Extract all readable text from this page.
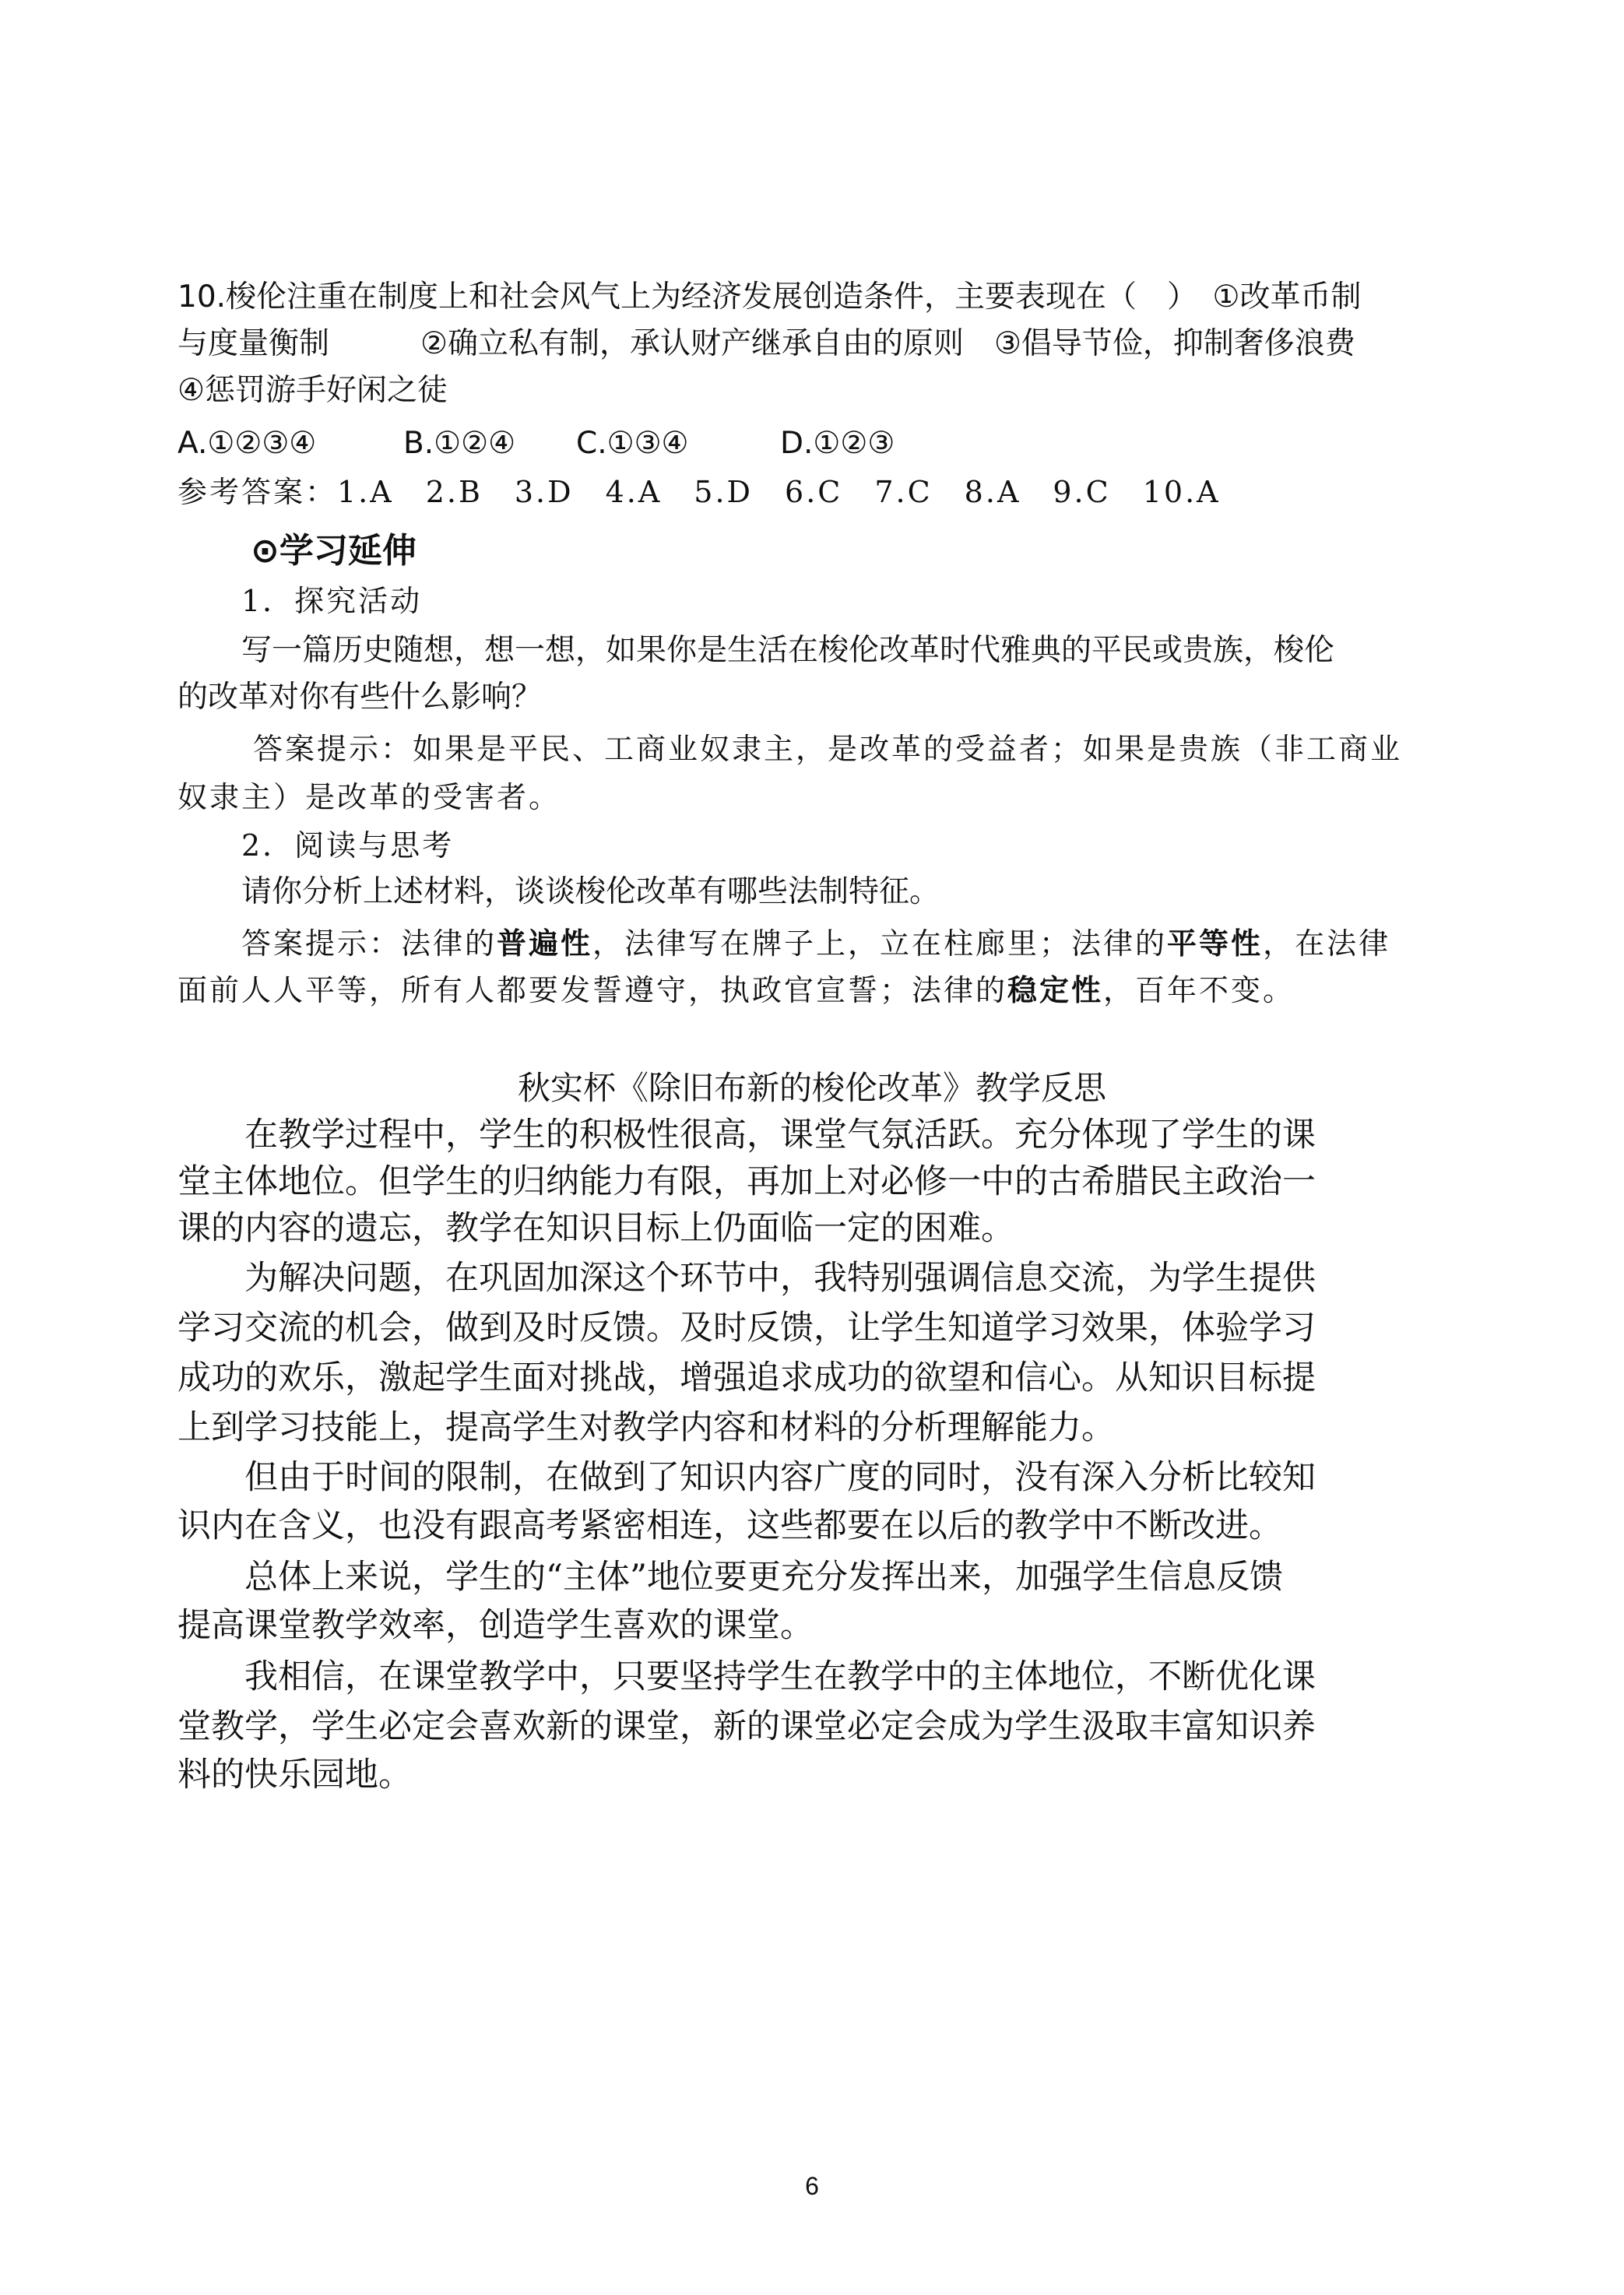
10.梭伦注重在制度上和社会风气上为经济发展创造条件，主要表现在（　）　①改革币制
与度量衡制　　　②确立私有制，承认财产继承自由的原则　③倡导节俭，抑制奢侈浪费
④惩罚游手好闲之徒
A.①②③④	B.①②④ C.①③④	D.①②③
参考答案：1.A　2.B　3.D　4.A　5.D　6.C　7.C　8.A　9.C　10.A
⊙学习延伸
1．探究活动
写一篇历史随想，想一想，如果你是生活在梭伦改革时代雅典的平民或贵族，梭伦
的改革对你有些什么影响？
答案提示：如果是平民、工商业奴隶主，是改革的受益者；如果是贵族（非工商业
奴隶主）是改革的受害者。
2．阅读与思考
请你分析上述材料，谈谈梭伦改革有哪些法制特征。
答案提示：法律的普遍性，法律写在牌子上，立在柱廊里；法律的平等性，在法律
面前人人平等，所有人都要发誓遵守，执政官宣誓；法律的稳定性，百年不变。
秋实杯《除旧布新的梭伦改革》教学反思
　　在教学过程中，学生的积极性很高，课堂气氛活跃。充分体现了学生的课
堂主体地位。但学生的归纳能力有限，再加上对必修一中的古希腊民主政治一
课的内容的遗忘，教学在知识目标上仍面临一定的困难。
　　为解决问题，在巩固加深这个环节中，我特别强调信息交流，为学生提供
学习交流的机会，做到及时反馈。及时反馈，让学生知道学习效果，体验学习
成功的欢乐，激起学生面对挑战，增强追求成功的欲望和信心。从知识目标提
上到学习技能上，提高学生对教学内容和材料的分析理解能力。
　　但由于时间的限制，在做到了知识内容广度的同时，没有深入分析比较知
识内在含义，也没有跟高考紧密相连，这些都要在以后的教学中不断改进。
　　总体上来说，学生的“主体”地位要更充分发挥出来，加强学生信息反馈
提高课堂教学效率，创造学生喜欢的课堂。
　　我相信，在课堂教学中，只要坚持学生在教学中的主体地位，不断优化课
堂教学，学生必定会喜欢新的课堂，新的课堂必定会成为学生汲取丰富知识养
料的快乐园地。
6
